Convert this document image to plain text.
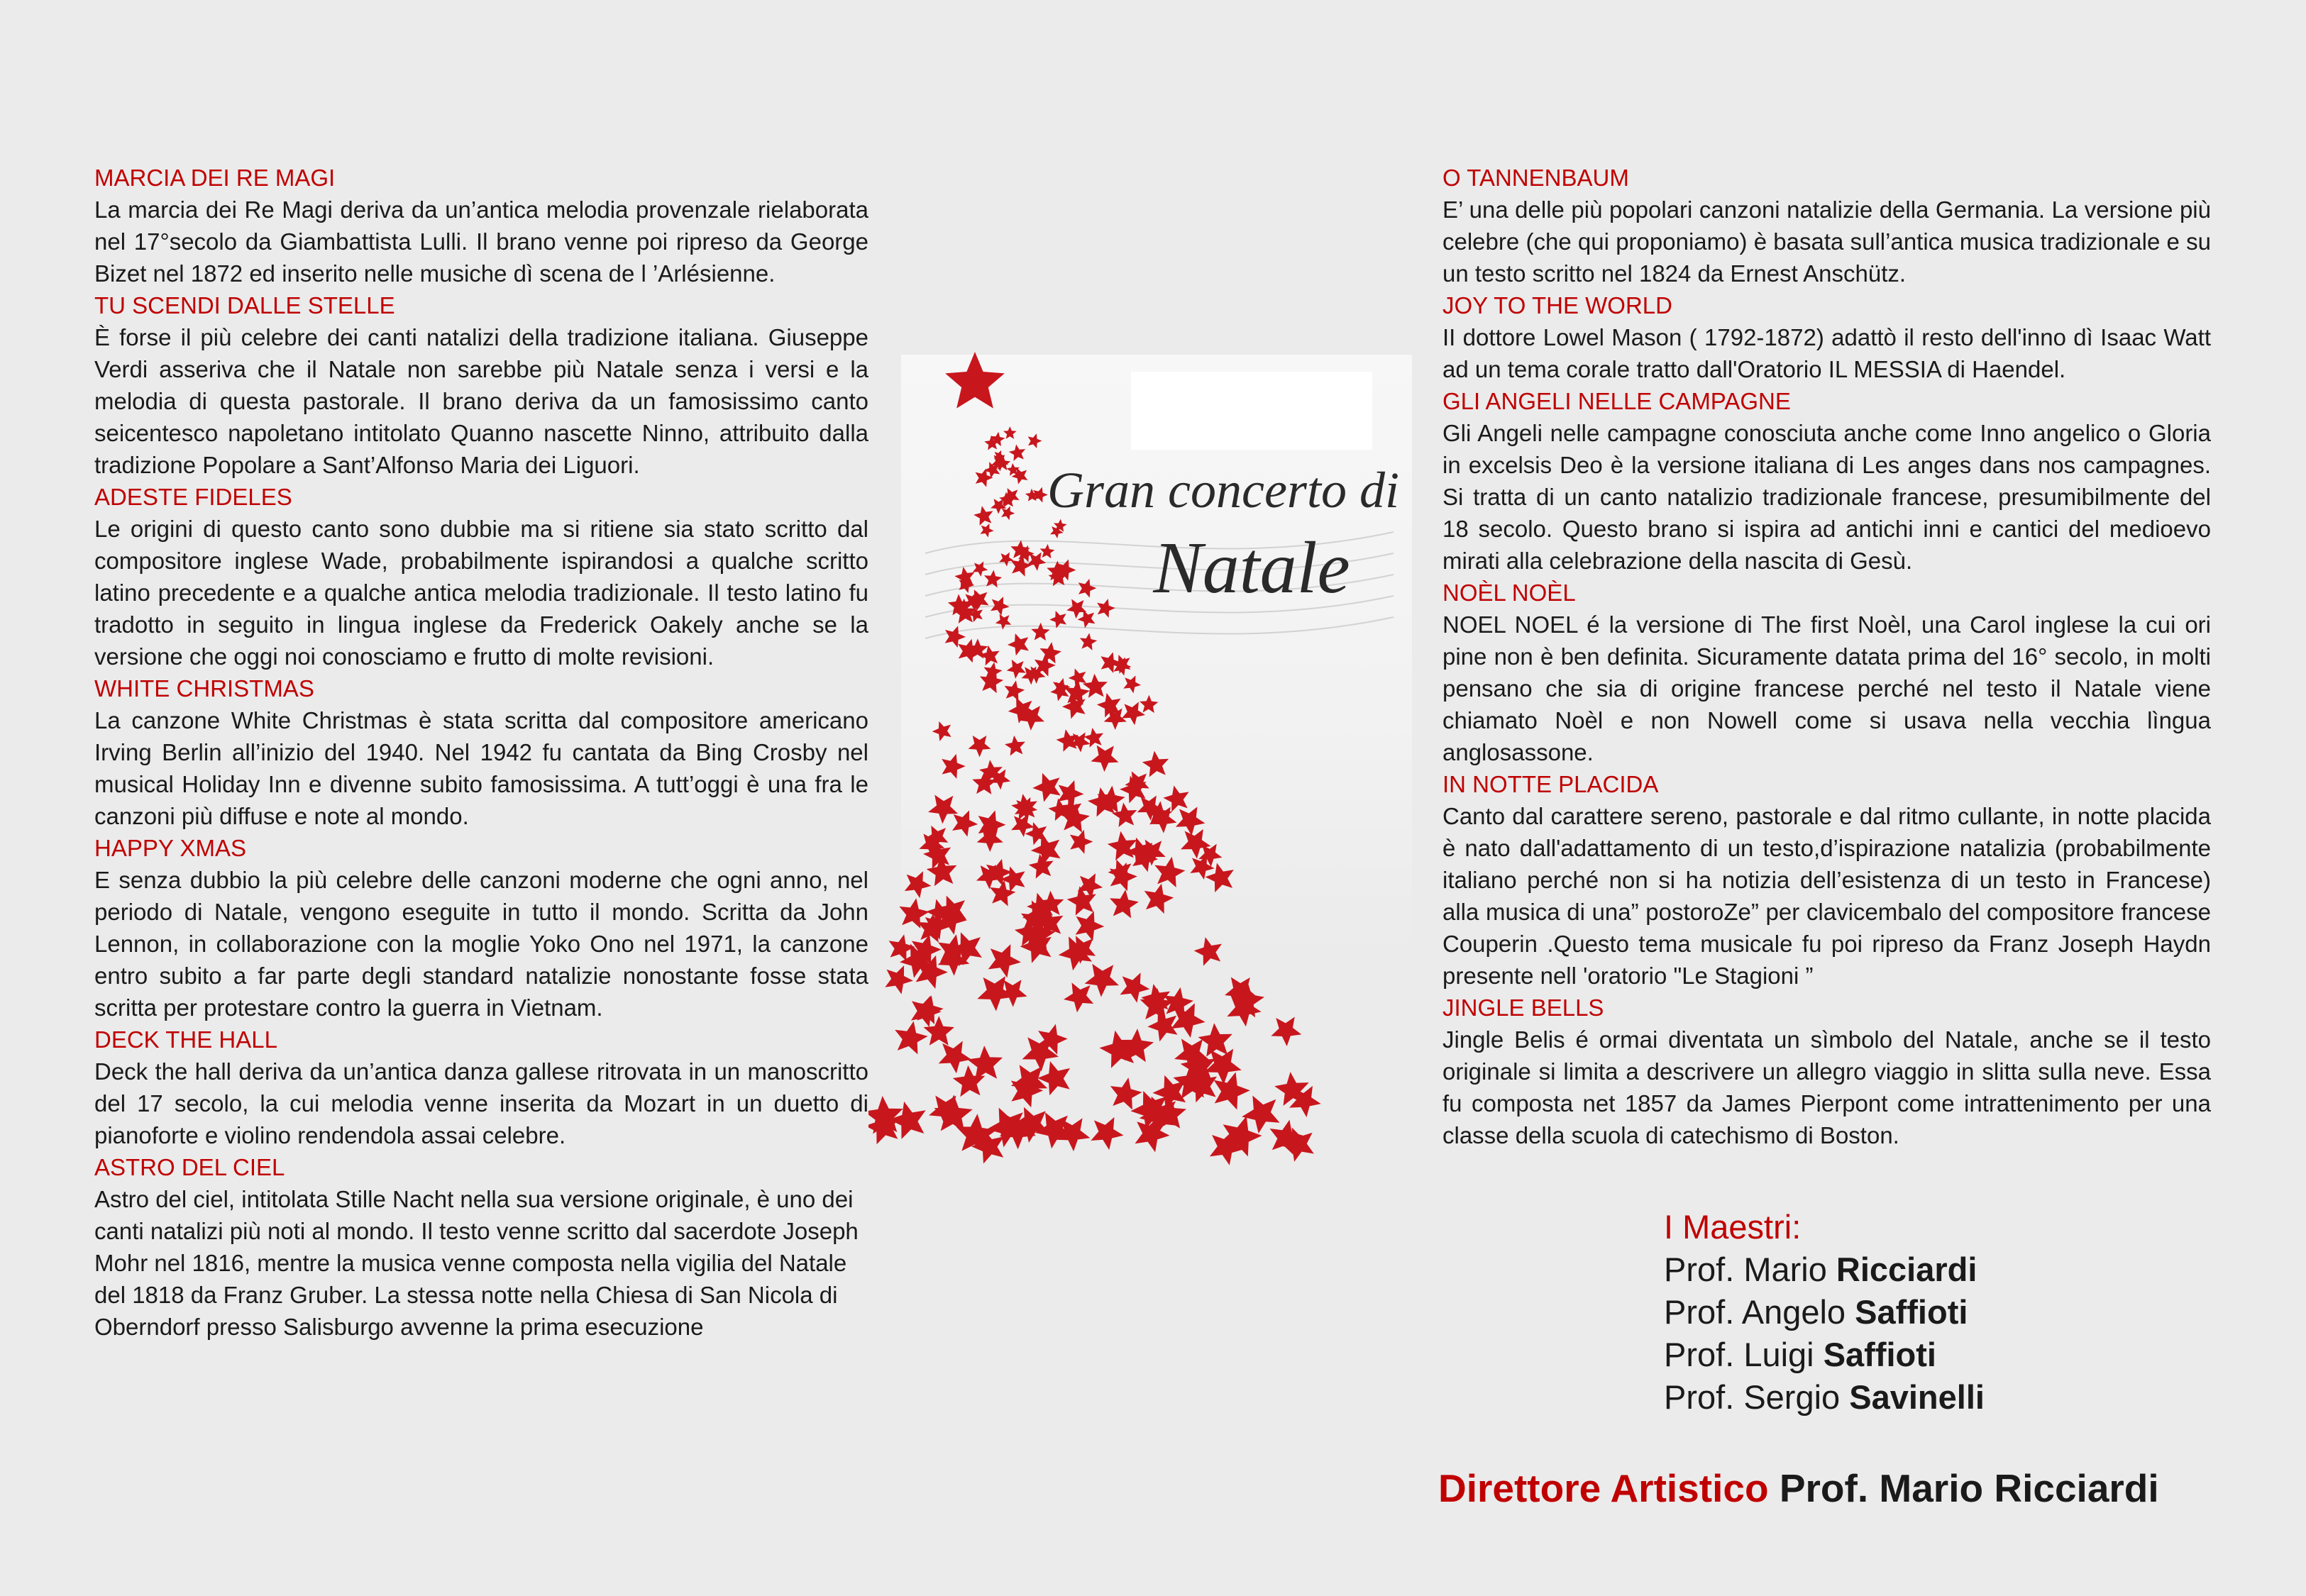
MARCIA DEI RE MAGI

La marcia dei Re Magi deriva da un’antica melodia provenzale rielaborata nel 17°secolo da Giambattista Lulli. Il brano venne poi ripreso da George Bizet nel 1872 ed inserito nelle musiche dì scena de l ’Arlésienne.

TU SCENDI DALLE STELLE

È forse il più celebre dei canti natalizi della tradizione italiana. Giuseppe Verdi asseriva che il Natale non sarebbe più Natale senza i versi e la melodia di questa pastorale. Il brano deriva da un famosissimo canto seicentesco napoletano intitolato Quanno nascette Ninno, attribuito dalla tradizione Popolare a Sant’Alfonso Maria dei Liguori.

ADESTE FIDELES

Le origini di questo canto sono dubbie ma si ritiene sia stato scritto dal compositore inglese Wade, probabilmente ispirandosi a qualche scritto latino precedente e a qualche antica melodia tradizionale. Il testo latino fu tradotto in seguito in lingua inglese da Frederick Oakely anche se la versione che oggi noi conosciamo e frutto di molte revisioni.

WHITE CHRISTMAS

La canzone White Christmas è stata scritta dal compositore americano Irving Berlin all’inizio del 1940. Nel 1942 fu cantata da Bing Crosby nel musical Holiday Inn e divenne subito famosissima. A tutt’oggi è una fra le canzoni più diffuse e note al mondo.

HAPPY XMAS

E senza dubbio la più celebre delle canzoni moderne che ogni anno, nel periodo di Natale, vengono eseguite in tutto il mondo. Scritta da John Lennon, in collaborazione con la moglie Yoko Ono nel 1971, la canzone entro subito a far parte degli standard natalizie nonostante fosse stata scritta per protestare contro la guerra in Vietnam.

DECK THE HALL

Deck the hall deriva da un’antica danza gallese ritrovata in un manoscritto del 17 secolo, la cui melodia venne inserita da Mozart in un duetto di pianoforte e violino rendendola assai celebre.

ASTRO DEL CIEL

Astro del ciel, intitolata Stille Nacht nella sua versione originale, è uno dei canti natalizi più noti al mondo. Il testo venne scritto dal sacerdote Joseph Mohr nel 1816, mentre la musica venne composta nella vigilia del Natale del 1818 da Franz Gruber. La stessa notte nella Chiesa di San Nicola di Oberndorf presso Salisburgo avvenne la prima esecuzione

Gran concerto di
Natale
O TANNENBAUM

E’ una delle più popolari canzoni natalizie della Germania. La versione più celebre (che qui proponiamo) è basata sull’antica musica tradizionale e su un testo scritto nel 1824 da Ernest Anschütz.

JOY TO THE WORLD

II dottore Lowel Mason ( 1792-1872) adattò il resto dell'inno dì Isaac Watt ad un tema corale tratto dall'Oratorio IL MESSIA di Haendel.

GLI ANGELI NELLE CAMPAGNE

Gli Angeli nelle campagne conosciuta anche come Inno angelico o Gloria in excelsis Deo è la versione italiana di Les anges dans nos campagnes. Si tratta di un canto natalizio tradizionale francese, presumibilmente del 18 secolo. Questo brano si ispira ad antichi inni e cantici del medioevo mirati alla celebrazione della nascita di Gesù.

NOÈL NOÈL

NOEL NOEL é la versione di The first Noèl, una Carol inglese la cui ori pine non è ben definita. Sicuramente datata prima del 16° secolo, in molti pensano che sia di origine francese perché nel testo il Natale viene chiamato Noèl e non Nowell come si usava nella vecchia lìngua anglosassone.

IN NOTTE PLACIDA

Canto dal carattere sereno, pastorale e dal ritmo cullante, in notte placida è nato dall'adattamento di un testo,d’ispirazione natalizia (probabilmente italiano perché non si ha notizia dell’esistenza di un testo in Francese) alla musica di una” postoroZe” per clavicembalo del compositore francese Couperin .Questo tema musicale fu poi ripreso da Franz Joseph Haydn presente nell 'oratorio "Le Stagioni ”

JINGLE BELLS

Jingle Belis é ormai diventata un sìmbolo del Natale, anche se il testo originale si limita a descrivere un allegro viaggio in slitta sulla neve. Essa fu composta net 1857 da James Pierpont come intrattenimento per una classe della scuola di catechismo di Boston.

I Maestri:
Prof. Mario Ricciardi
Prof. Angelo Saffioti
Prof. Luigi Saffioti
Prof. Sergio Savinelli
Direttore Artistico Prof. Mario Ricciardi
